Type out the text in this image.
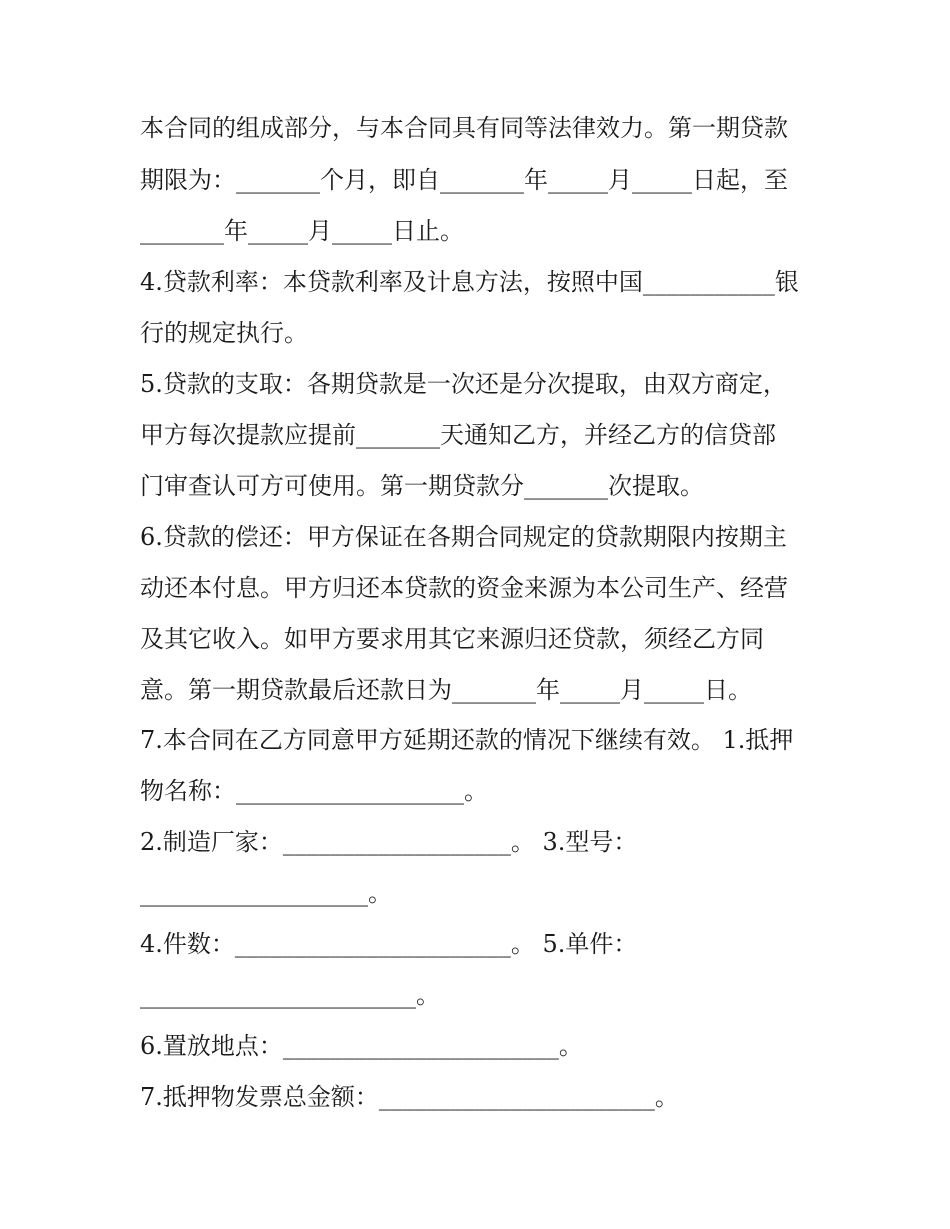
本合同的组成部分，与本合同具有同等法律效力。第一期贷款
期限为：_______个月，即自_______年_____月_____日起，至
_______年_____月_____日止。
4.贷款利率：本贷款利率及计息方法，按照中国___________银
行的规定执行。
5.贷款的支取：各期贷款是一次还是分次提取，由双方商定，
甲方每次提款应提前_______天通知乙方，并经乙方的信贷部
门审查认可方可使用。第一期贷款分_______次提取。
6.贷款的偿还：甲方保证在各期合同规定的贷款期限内按期主
动还本付息。甲方归还本贷款的资金来源为本公司生产、经营
及其它收入。如甲方要求用其它来源归还贷款，须经乙方同
意。第一期贷款最后还款日为_______年_____月_____日。
7.本合同在乙方同意甲方延期还款的情况下继续有效。 1.抵押
物名称：___________________。
2.制造厂家：___________________。 3.型号：
___________________。
4.件数：_______________________。 5.单件：
_______________________。
6.置放地点：_______________________。
7.抵押物发票总金额：_______________________。
